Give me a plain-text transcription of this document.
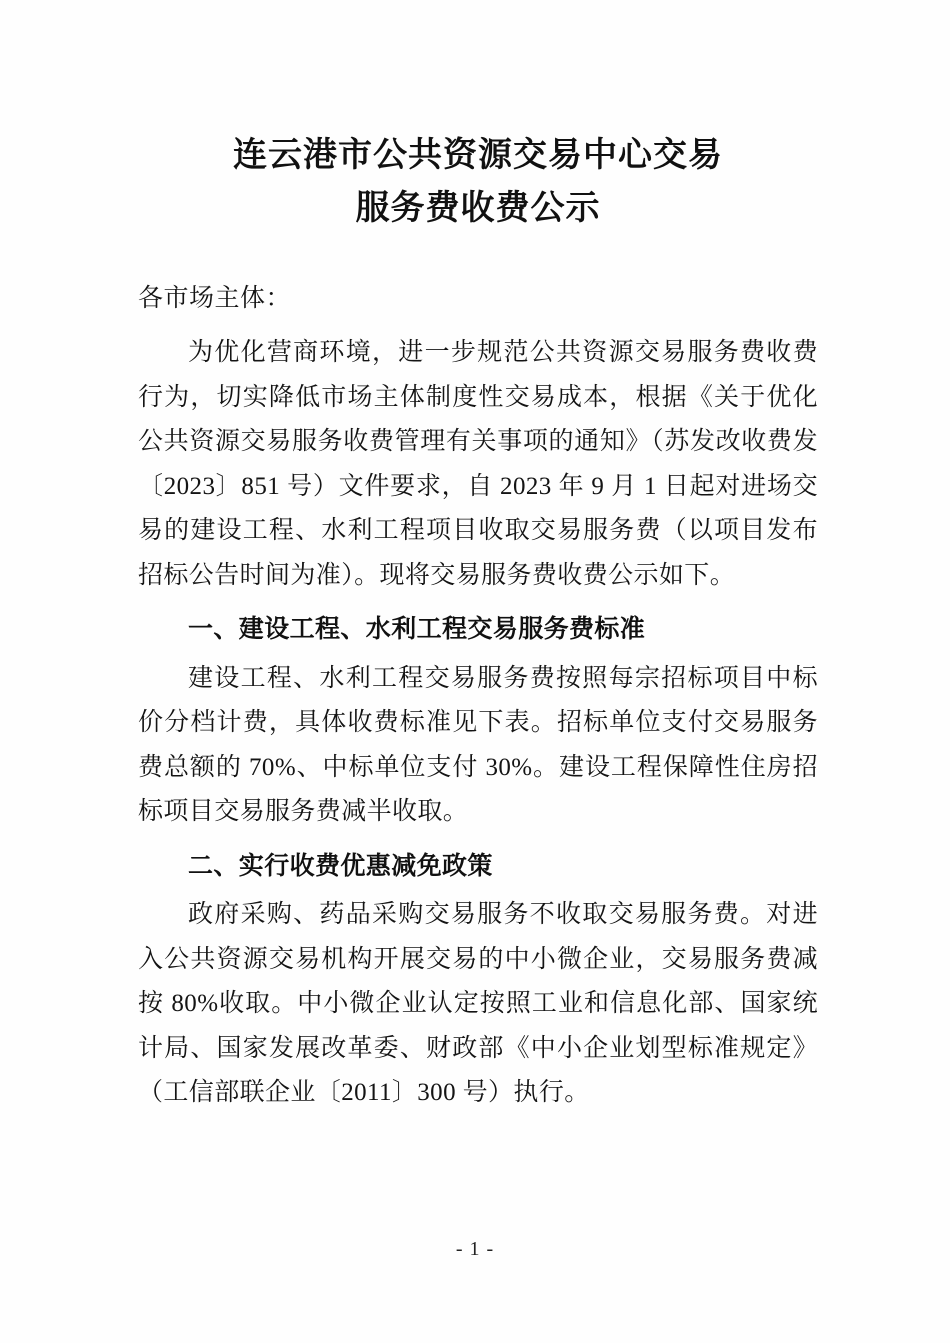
连云港市公共资源交易中心交易
服务费收费公示
各市场主体：

为优化营商环境，进一步规范公共资源交易服务费收费行为，切实降低市场主体制度性交易成本，根据《关于优化公共资源交易服务收费管理有关事项的通知》（苏发改收费发〔2023〕851 号）文件要求，自 2023 年 9 月 1 日起对进场交易的建设工程、水利工程项目收取交易服务费（以项目发布招标公告时间为准）。现将交易服务费收费公示如下。

一、建设工程、水利工程交易服务费标准

建设工程、水利工程交易服务费按照每宗招标项目中标价分档计费，具体收费标准见下表。招标单位支付交易服务费总额的 70%、中标单位支付 30%。建设工程保障性住房招标项目交易服务费减半收取。

二、实行收费优惠减免政策

政府采购、药品采购交易服务不收取交易服务费。对进入公共资源交易机构开展交易的中小微企业，交易服务费减按 80%收取。中小微企业认定按照工业和信息化部、国家统计局、国家发展改革委、财政部《中小企业划型标准规定》（工信部联企业〔2011〕300 号）执行。

- 1 -
